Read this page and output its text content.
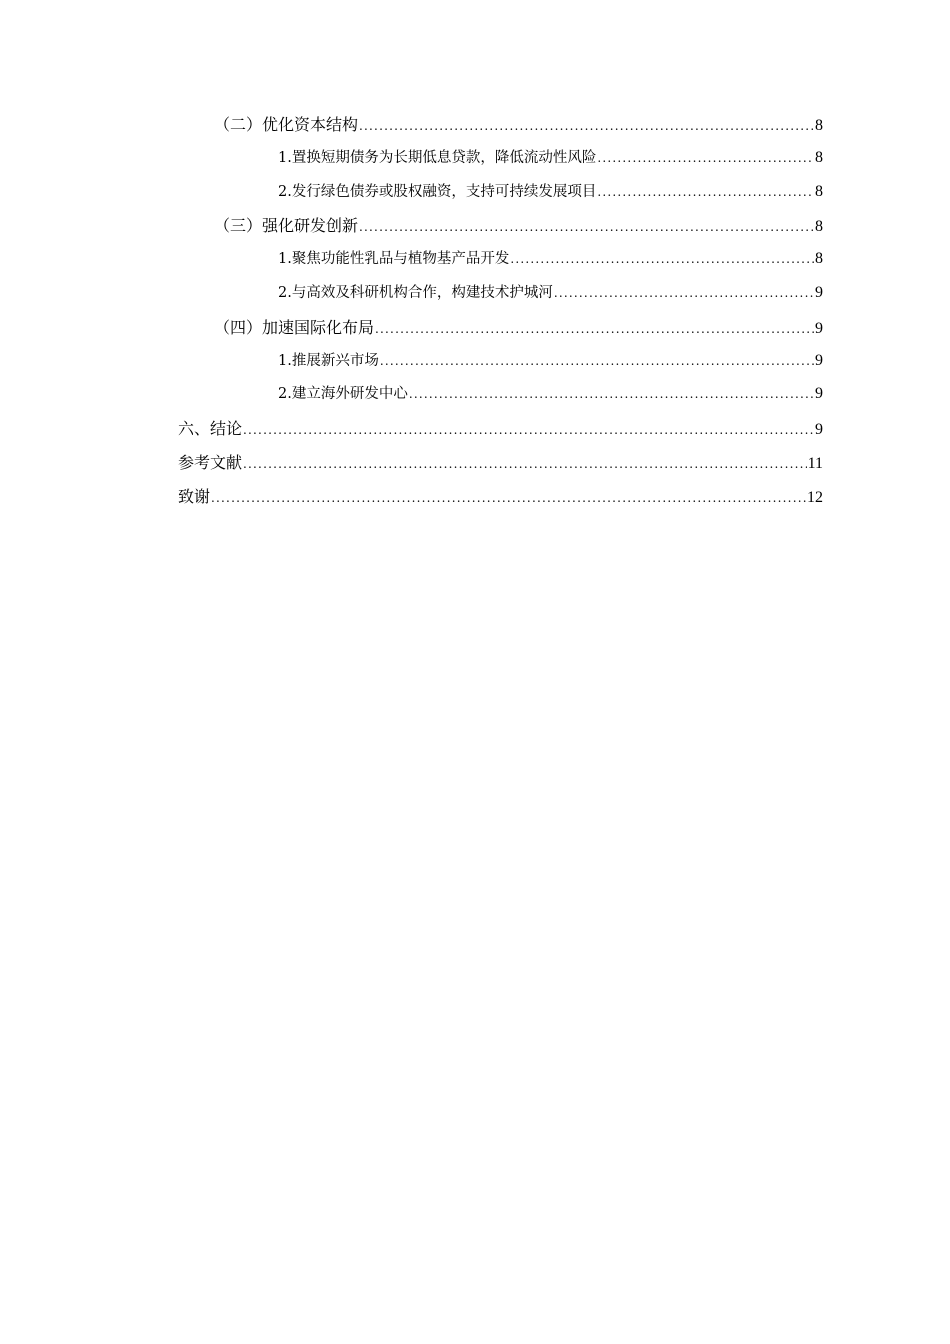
（二）优化资本结构 .....	8
1.置换短期债务为长期低息贷款，降低流动性风险 .....	8
2.发行绿色债券或股权融资，支持可持续发展项目 .....	8
（三）强化研发创新 .....	8
1.聚焦功能性乳品与植物基产品开发 .....	8
2.与高效及科研机构合作，构建技术护城河 .....	9
（四）加速国际化布局 .....	9
1.推展新兴市场 .....	9
2.建立海外研发中心 .....	9
六、结论 .....	9
参考文献 .....	11
致谢 .....	12
